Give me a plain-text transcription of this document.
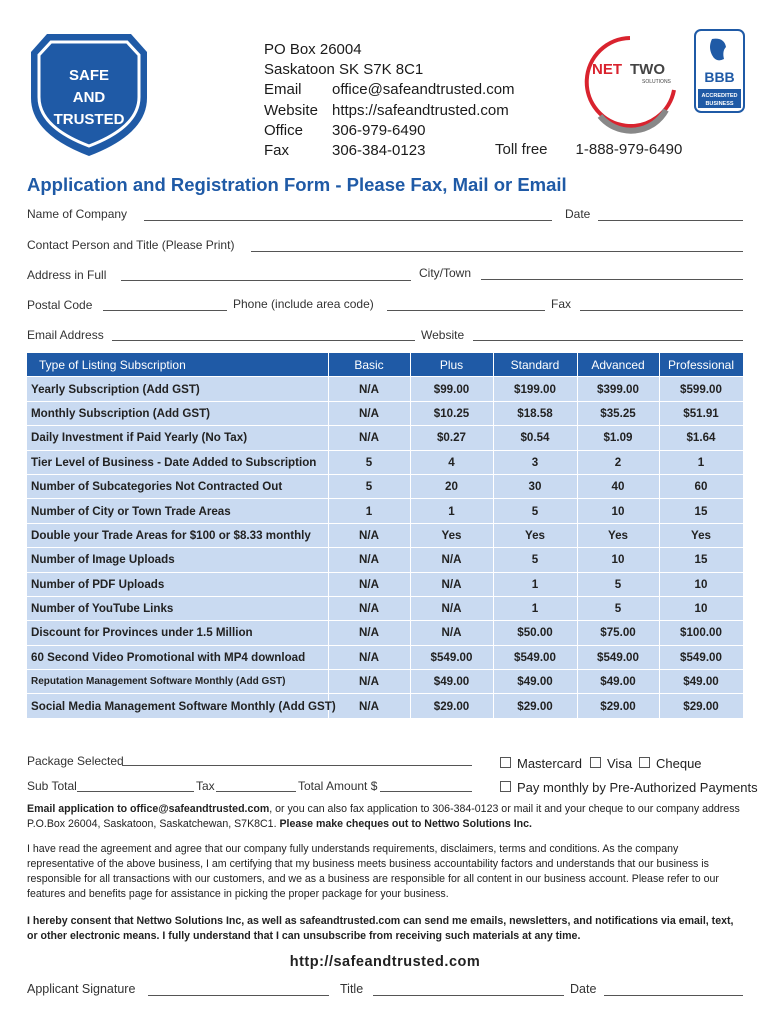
SAFE
AND
TRUSTED
PO Box 26004
Saskatoon SK S7K 8C1
Email office@safeandtrusted.com
Website https://safeandtrusted.com
Office 306-979-6490
Fax	306-384-0123	Toll free 1-888-979-6490
NET TWO
SOLUTIONS BBB
ACCREDITED
BUSINESS
Application and Registration Form - Please Fax, Mail or Email
Name of Company	Date
Contact Person and Title (Please Print)
Address in Full	City/Town
Postal Code	Phone (include area code)	Fax
Email Address	Website
Type of Listing Subscription	Basic	Plus	Standard	Advanced	Professional
Yearly Subscription (Add GST)	N/A	$99.00	$199.00	$399.00	$599.00
Monthly Subscription (Add GST)	N/A	$10.25	$18.58	$35.25	$51.91
Daily Investment if Paid Yearly (No Tax)	N/A	$0.27	$0.54	$1.09	$1.64
Tier Level of Business - Date Added to Subscription	5	4	3	2	1
Number of Subcategories Not Contracted Out	5	20	30	40	60
Number of City or Town Trade Areas	1	1	5	10	15
Double your Trade Areas for $100 or $8.33 monthly	N/A	Yes	Yes	Yes	Yes
Number of Image Uploads	N/A	N/A	5	10	15
Number of PDF Uploads	N/A	N/A	1	5	10
Number of YouTube Links	N/A	N/A	1	5	10
Discount for Provinces under 1.5 Million	N/A	N/A	$50.00	$75.00	$100.00
60 Second Video Promotional with MP4 download	N/A	$549.00	$549.00	$549.00	$549.00
Reputation Management Software Monthly (Add GST)	N/A	$49.00	$49.00	$49.00	$49.00
Social Media Management Software Monthly (Add GST)	N/A	$29.00	$29.00	$29.00	$29.00
Package Selected
Sub Total	Tax	Total Amount $
Mastercard	Visa	Cheque
Pay monthly by Pre-Authorized Payments
Email application to office@safeandtrusted.com, or you can also fax application to 306-384-0123 or mail it and your cheque to our company address P.O.Box 26004, Saskatoon, Saskatchewan, S7K8C1. Please make cheques out to Nettwo Solutions Inc.
I have read the agreement and agree that our company fully understands requirements, disclaimers, terms and conditions. As the company representative of the above business, I am certifying that my business meets business accountability factors and understands that our business is responsible for all transactions with our customers, and we as a business are responsible for all content in our business account. Please refer to our features and benefits page for assistance in picking the proper package for your business.
I hereby consent that Nettwo Solutions Inc, as well as safeandtrusted.com can send me emails, newsletters, and notifications via email, text, or other electronic means. I fully understand that I can unsubscribe from receiving such materials at any time.
http://safeandtrusted.com
Applicant Signature	Title	Date
